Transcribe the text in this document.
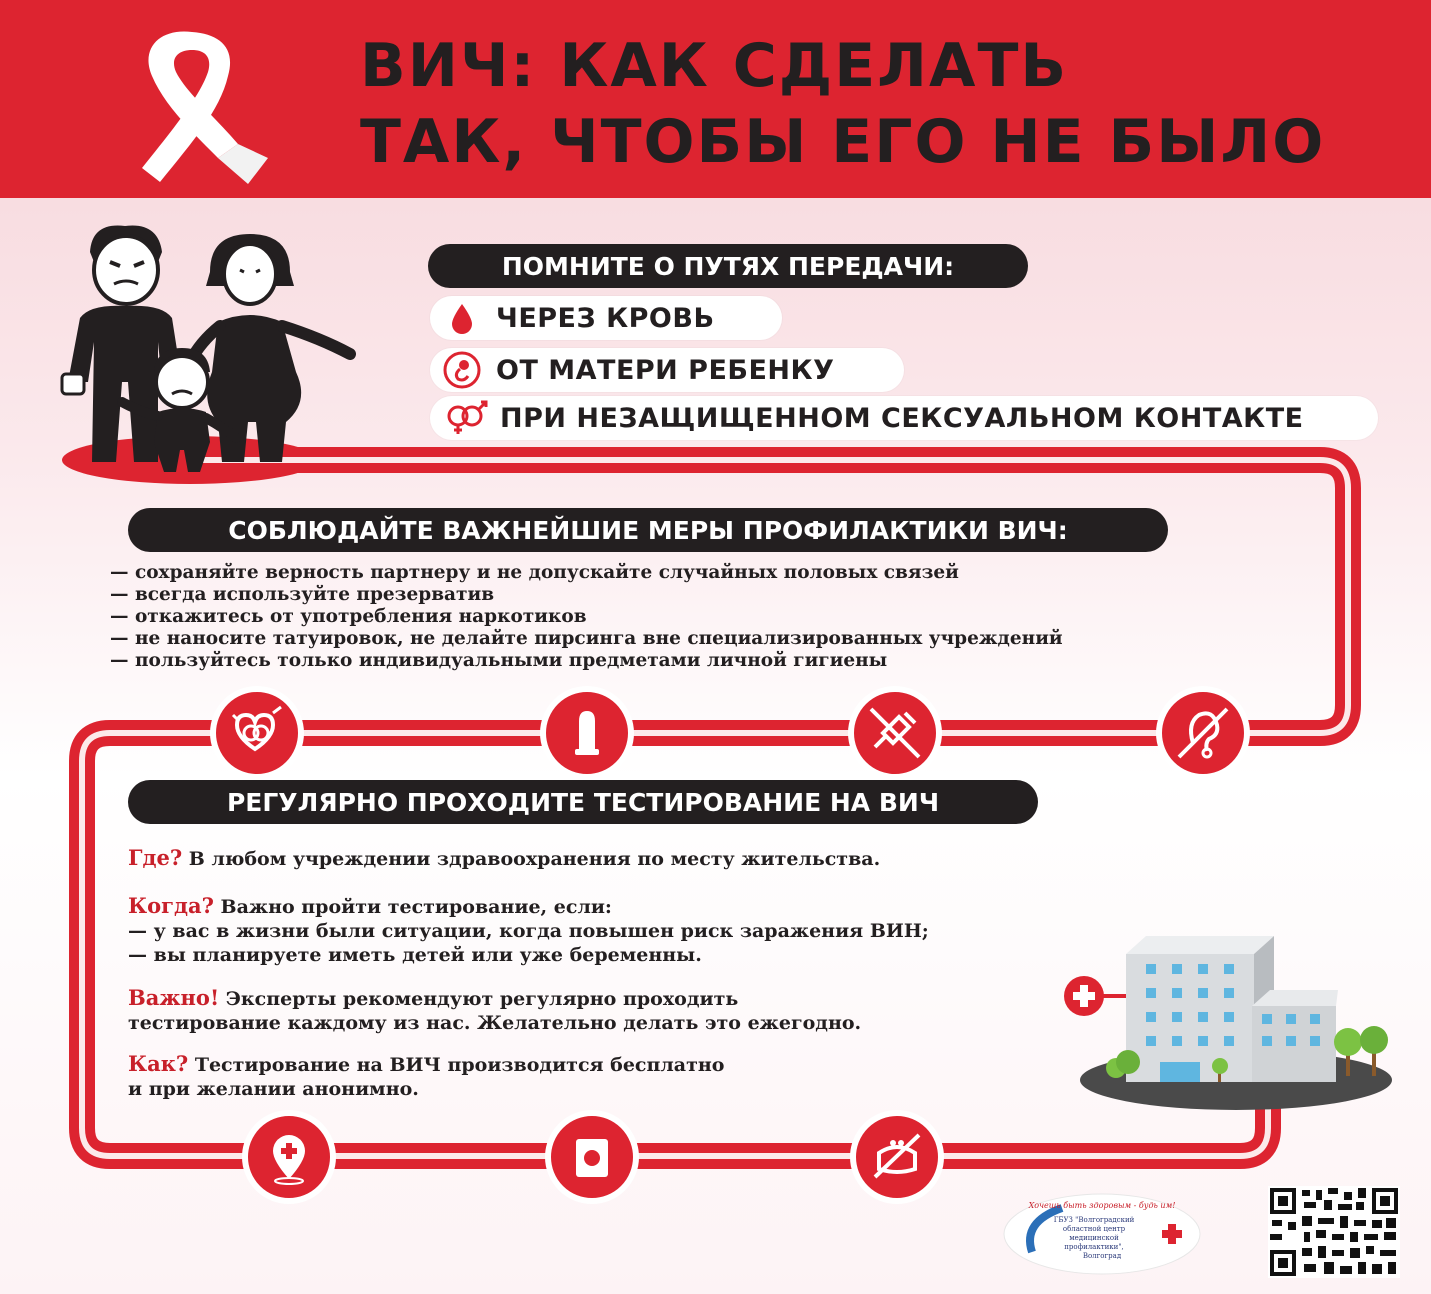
ВИЧ: КАК СДЕЛАТЬ
ТАК, ЧТОБЫ ЕГО НЕ БЫЛО
ПОМНИТЕ О ПУТЯХ ПЕРЕДАЧИ:
ЧЕРЕЗ КРОВЬ
ОТ МАТЕРИ РЕБЕНКУ
ПРИ НЕЗАЩИЩЕННОМ СЕКСУАЛЬНОМ КОНТАКТЕ
СОБЛЮДАЙТЕ ВАЖНЕЙШИЕ МЕРЫ ПРОФИЛАКТИКИ ВИЧ:
— сохраняйте верность партнеру и не допускайте случайных половых связей
— всегда используйте презерватив
— откажитесь от употребления наркотиков
— не наносите татуировок, не делайте пирсинга вне специализированных учреждений
— пользуйтесь только индивидуальными предметами личной гигиены
РЕГУЛЯРНО ПРОХОДИТЕ ТЕСТИРОВАНИЕ НА ВИЧ

Где? В любом учреждении здравоохранения по месту жительства.

Когда? Важно пройти тестирование, если:
— у вас в жизни были ситуации, когда повышен риск заражения ВИН;
— вы планируете иметь детей или уже беременны.

Важно! Эксперты рекомендуют регулярно проходить
тестирование каждому из нас. Желательно делать это ежегодно.

Как? Тестирование на ВИЧ производится бесплатно
и при желании анонимно.

Хочешь быть здоровым - будь им!
ГБУЗ "Волгоградский
областной центр
медицинской
профилактики",
Волгоград
